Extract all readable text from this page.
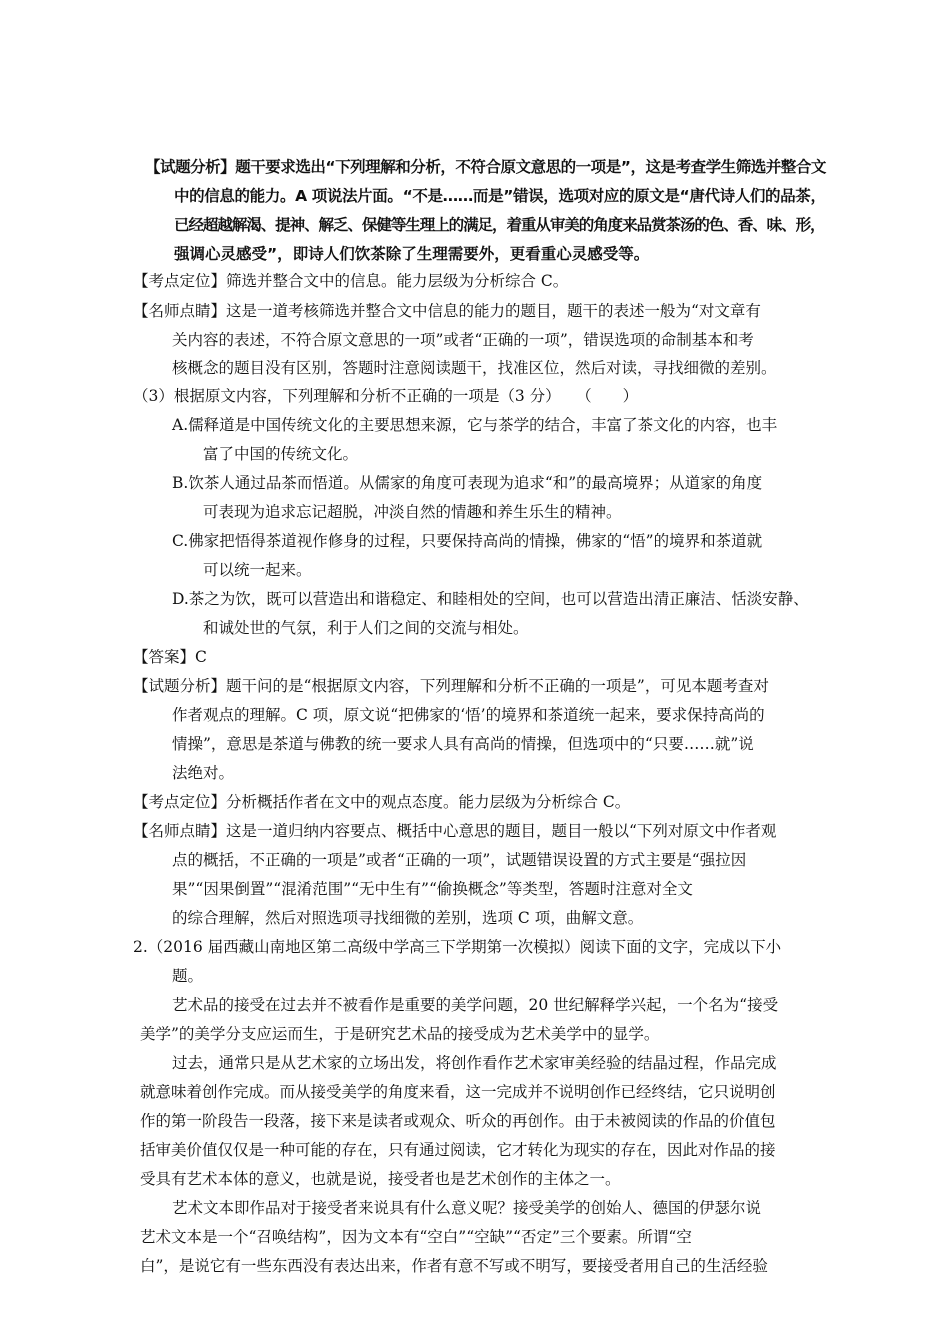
【试题分析】题干要求选出“下列理解和分析，不符合原文意思的一项是”，这是考查学生筛选并整合文
中的信息的能力。A 项说法片面。“不是……而是”错误，选项对应的原文是“唐代诗人们的品茶，
已经超越解渴、提神、解乏、保健等生理上的满足，着重从审美的角度来品赏茶汤的色、香、味、形，
强调心灵感受”，即诗人们饮茶除了生理需要外，更看重心灵感受等。
【考点定位】筛选并整合文中的信息。能力层级为分析综合 C。
【名师点睛】这是一道考核筛选并整合文中信息的能力的题目，题干的表述一般为“对文章有
关内容的表述，不符合原文意思的一项”或者“正确的一项”，错误选项的命制基本和考
核概念的题目没有区别，答题时注意阅读题干，找准区位，然后对读，寻找细微的差别。
（3）根据原文内容，下列理解和分析不正确的一项是（3 分）　　（　　）
A.儒释道是中国传统文化的主要思想来源，它与茶学的结合，丰富了茶文化的内容，也丰
富了中国的传统文化。
B.饮茶人通过品茶而悟道。从儒家的角度可表现为追求“和”的最高境界；从道家的角度
可表现为追求忘记超脱，冲淡自然的情趣和养生乐生的精神。
C.佛家把悟得茶道视作修身的过程，只要保持高尚的情操，佛家的“悟”的境界和茶道就
可以统一起来。
D.茶之为饮，既可以营造出和谐稳定、和睦相处的空间，也可以营造出清正廉洁、恬淡安静、
和诚处世的气氛，利于人们之间的交流与相处。
【答案】C
【试题分析】题干问的是“根据原文内容，下列理解和分析不正确的一项是”，可见本题考查对
作者观点的理解。C 项，原文说“把佛家的‘悟’的境界和茶道统一起来，要求保持高尚的
情操”，意思是茶道与佛教的统一要求人具有高尚的情操，但选项中的“只要……就”说
法绝对。
【考点定位】分析概括作者在文中的观点态度。能力层级为分析综合 C。
【名师点睛】这是一道归纳内容要点、概括中心意思的题目，题目一般以“下列对原文中作者观
点的概括，不正确的一项是”或者“正确的一项”，试题错误设置的方式主要是“强拉因
果”“因果倒置”“混淆范围”“无中生有”“偷换概念”等类型，答题时注意对全文
的综合理解，然后对照选项寻找细微的差别，选项 C 项，曲解文意。
2.（2016 届西藏山南地区第二高级中学高三下学期第一次模拟）阅读下面的文字，完成以下小
题。
艺术品的接受在过去并不被看作是重要的美学问题，20 世纪解释学兴起，一个名为“接受
美学”的美学分支应运而生，于是研究艺术品的接受成为艺术美学中的显学。
过去，通常只是从艺术家的立场出发，将创作看作艺术家审美经验的结晶过程，作品完成
就意味着创作完成。而从接受美学的角度来看，这一完成并不说明创作已经终结，它只说明创
作的第一阶段告一段落，接下来是读者或观众、听众的再创作。由于未被阅读的作品的价值包
括审美价值仅仅是一种可能的存在，只有通过阅读，它才转化为现实的存在，因此对作品的接
受具有艺术本体的意义，也就是说，接受者也是艺术创作的主体之一。
艺术文本即作品对于接受者来说具有什么意义呢？接受美学的创始人、德国的伊瑟尔说
艺术文本是一个“召唤结构”，因为文本有“空白”“空缺”“否定”三个要素。所谓“空
白”，是说它有一些东西没有表达出来，作者有意不写或不明写，要接受者用自己的生活经验
